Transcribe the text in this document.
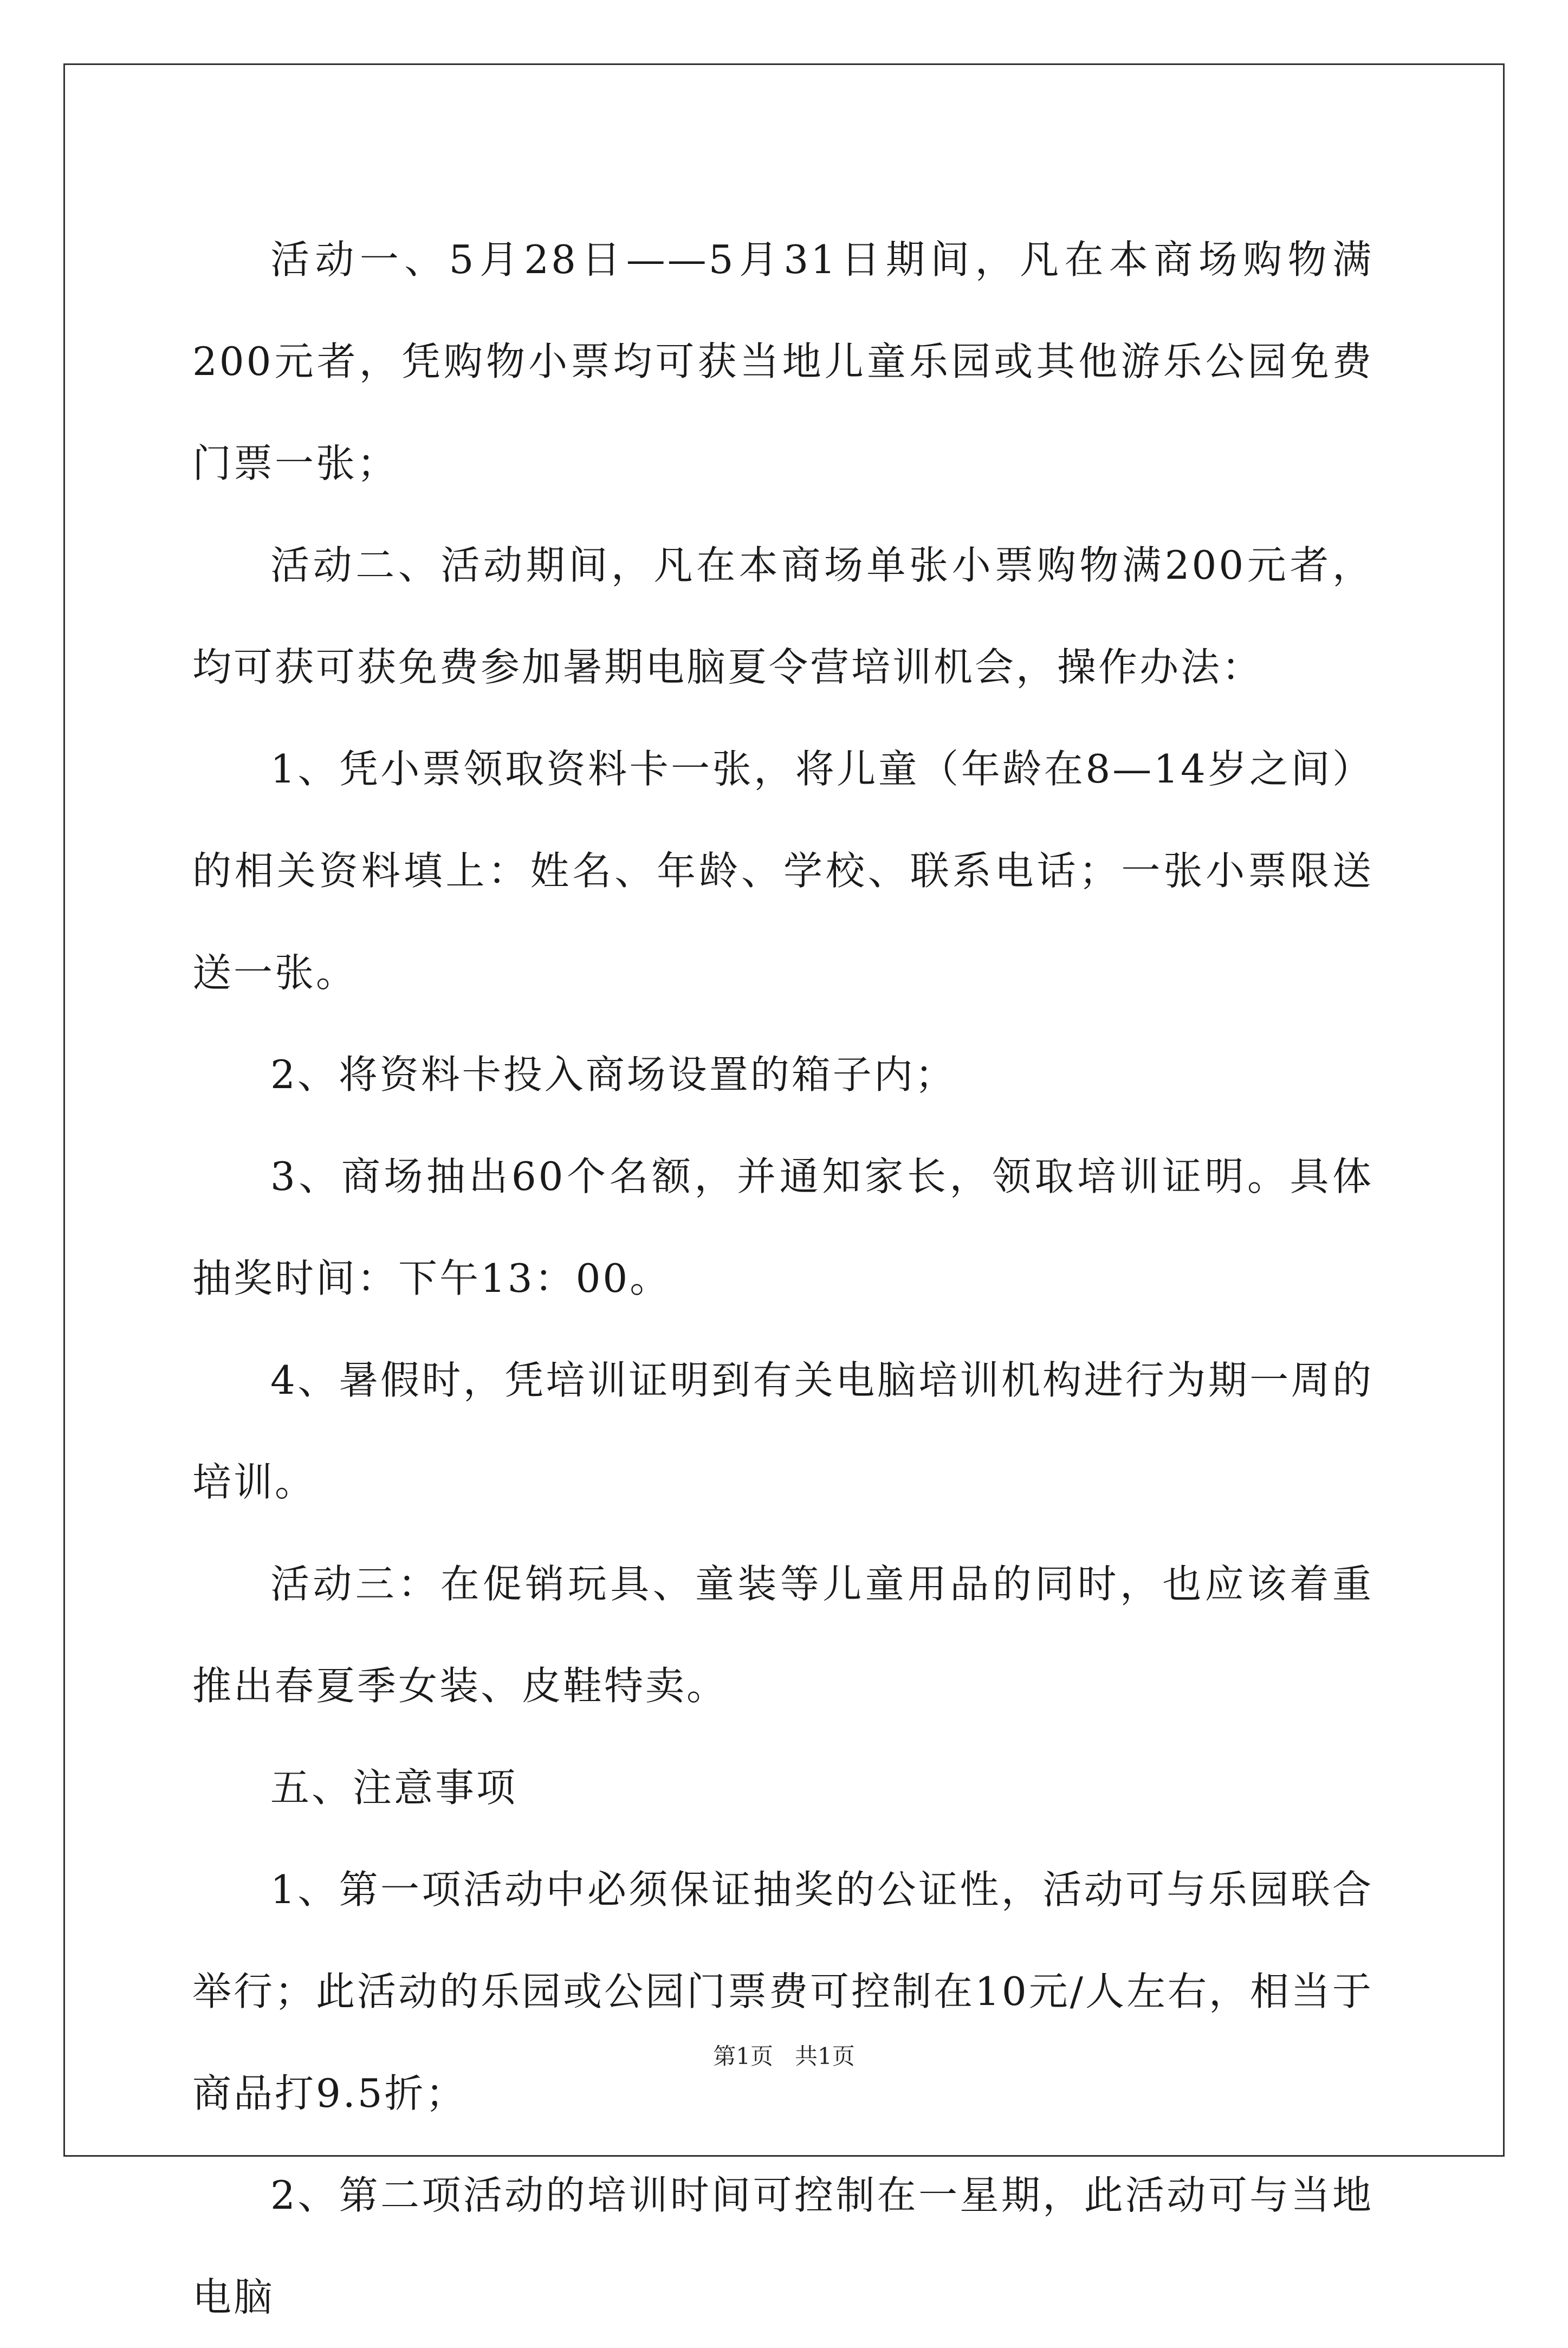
活动一、5月28日——5月31日期间，凡在本商场购物满200元者，凭购物小票均可获当地儿童乐园或其他游乐公园免费门票一张；

活动二、活动期间，凡在本商场单张小票购物满200元者，均可获可获免费参加暑期电脑夏令营培训机会，操作办法：

1、凭小票领取资料卡一张，将儿童（年龄在8—14岁之间）的相关资料填上：姓名、年龄、学校、联系电话；一张小票限送送一张。

2、将资料卡投入商场设置的箱子内；

3、商场抽出60个名额，并通知家长，领取培训证明。具体抽奖时间：下午13：00。

4、暑假时，凭培训证明到有关电脑培训机构进行为期一周的培训。

活动三：在促销玩具、童装等儿童用品的同时，也应该着重推出春夏季女装、皮鞋特卖。

五、注意事项

1、第一项活动中必须保证抽奖的公证性，活动可与乐园联合举行；此活动的乐园或公园门票费可控制在10元/人左右，相当于商品打9.5折；

2、第二项活动的培训时间可控制在一星期，此活动可与当地电脑

第1页 共1页
